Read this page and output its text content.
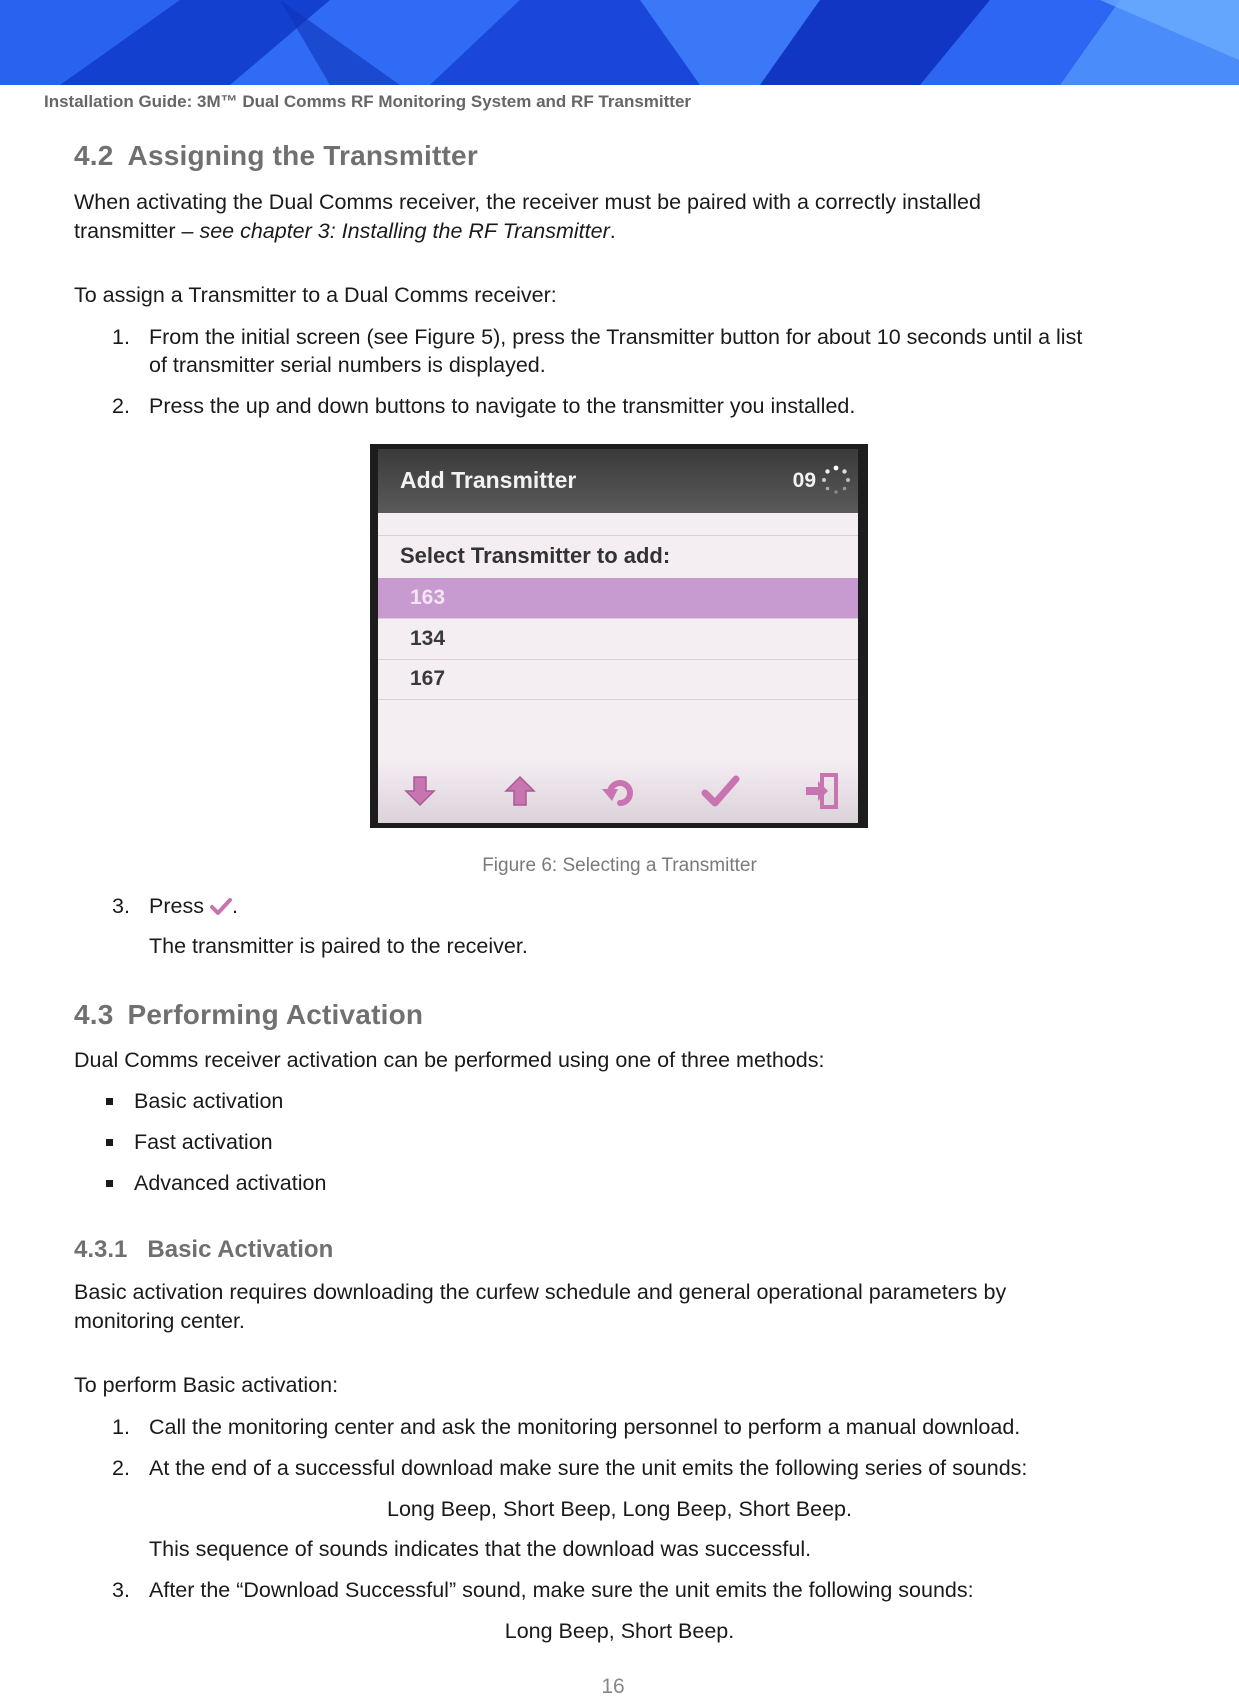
Installation Guide: 3M™ Dual Comms RF Monitoring System and RF Transmitter
4.2 Assigning the Transmitter
When activating the Dual Comms receiver, the receiver must be paired with a correctly installed
transmitter – see chapter 3: Installing the RF Transmitter.
To assign a Transmitter to a Dual Comms receiver:
1. From the initial screen (see Figure 5), press the Transmitter button for about 10 seconds until a list
of transmitter serial numbers is displayed.
2. Press the up and down buttons to navigate to the transmitter you installed.
Add Transmitter	09
Select Transmitter to add:
163
134
167
Figure 6: Selecting a Transmitter
3. Press .
The transmitter is paired to the receiver.
4.3 Performing Activation
Dual Comms receiver activation can be performed using one of three methods:
Basic activation
Fast activation
Advanced activation
4.3.1 Basic Activation
Basic activation requires downloading the curfew schedule and general operational parameters by
monitoring center.
To perform Basic activation:
1. Call the monitoring center and ask the monitoring personnel to perform a manual download.
2. At the end of a successful download make sure the unit emits the following series of sounds:
Long Beep, Short Beep, Long Beep, Short Beep.
This sequence of sounds indicates that the download was successful.
3. After the “Download Successful” sound, make sure the unit emits the following sounds:
Long Beep, Short Beep.
16
